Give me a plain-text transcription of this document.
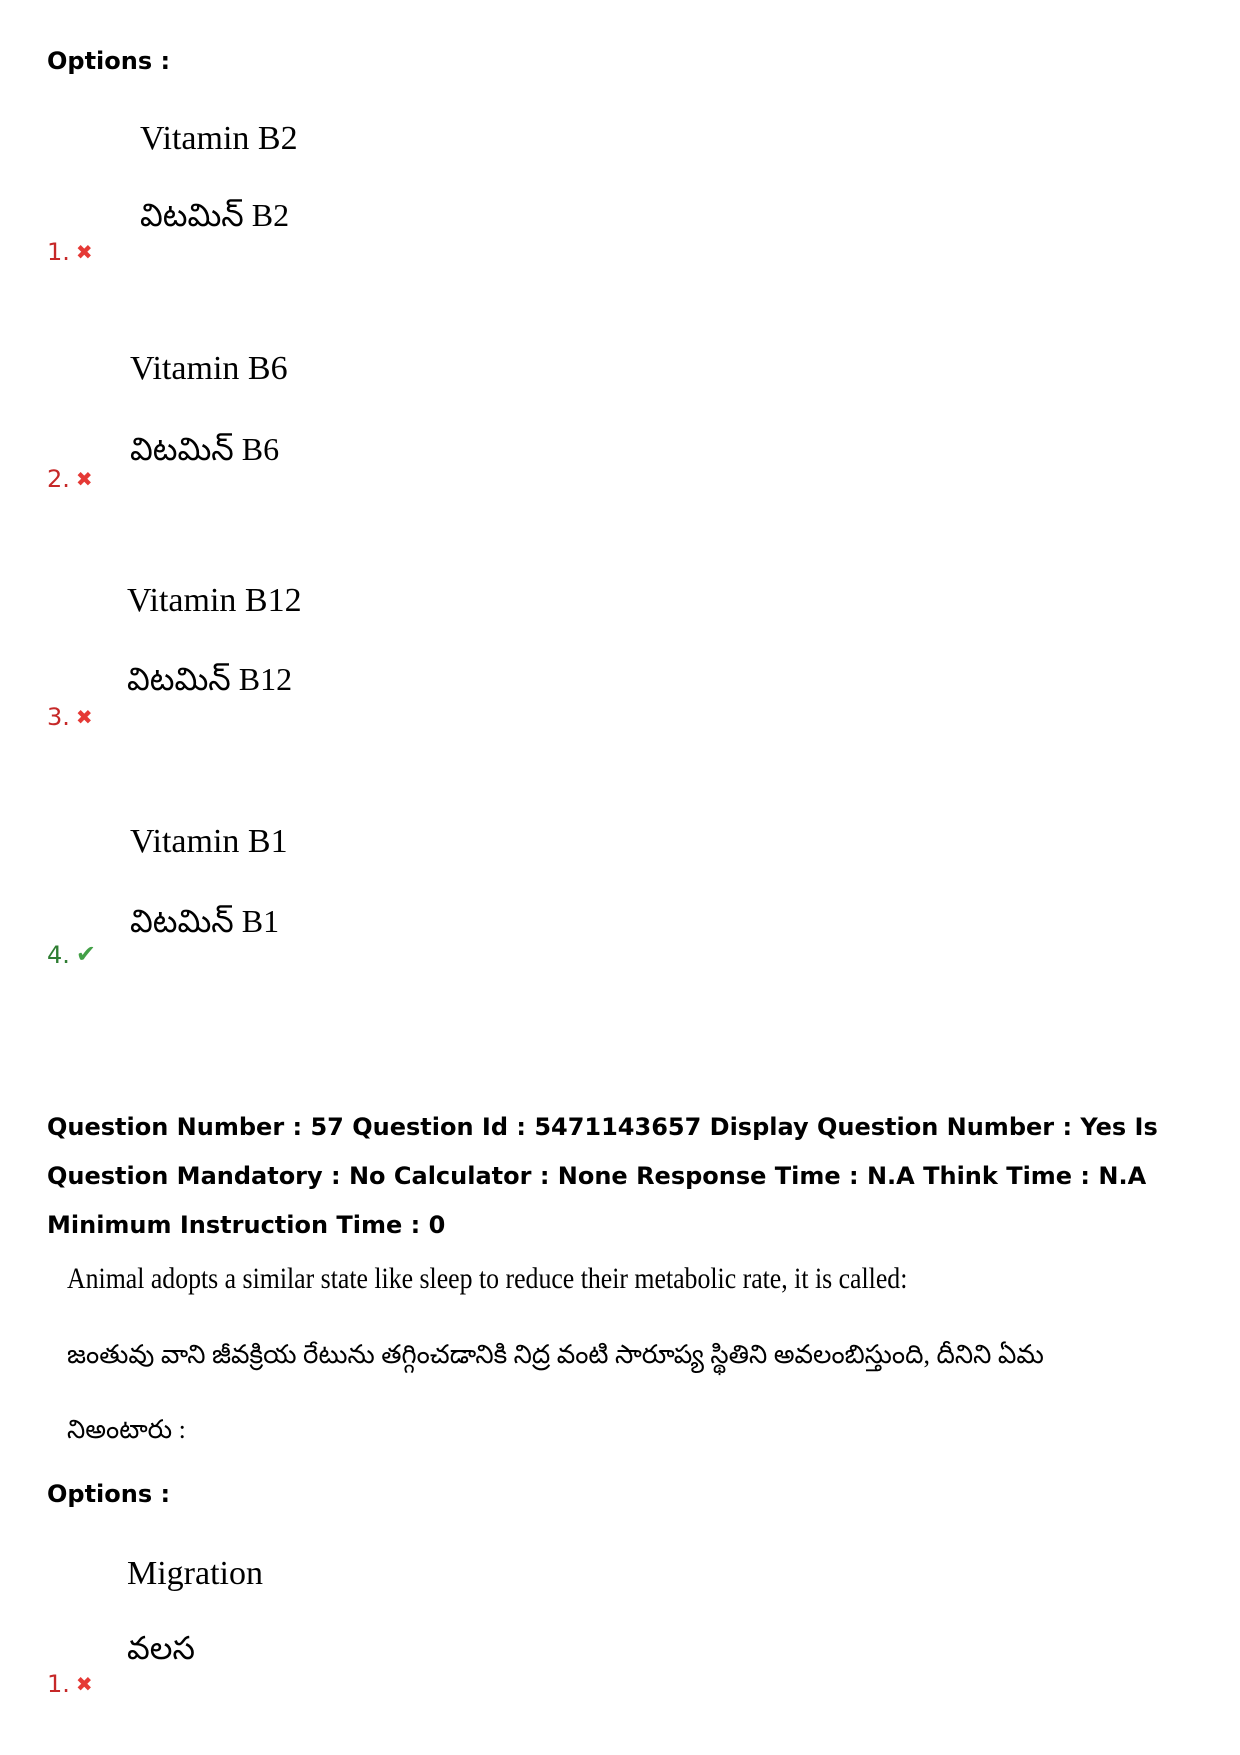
Options :

Vitamin B2
విటమిన్ B2
1. ✖
Vitamin B6
విటమిన్ B6
2. ✖
Vitamin B12
విటమిన్ B12
3. ✖
Vitamin B1
విటమిన్ B1
4. ✔

Question Number : 57 Question Id : 5471143657 Display Question Number : Yes Is Question Mandatory : No Calculator : None Response Time : N.A Think Time : N.A Minimum Instruction Time : 0

Animal adopts a similar state like sleep to reduce their metabolic rate, it is called:
జంతువు వాని జీవక్రియ రేటును తగ్గించడానికి నిద్ర వంటి సారూప్య స్థితిని అవలంబిస్తుంది, దీనిని ఏమ
నిఅంటారు :

Options :

Migration
వలస
1. ✖
